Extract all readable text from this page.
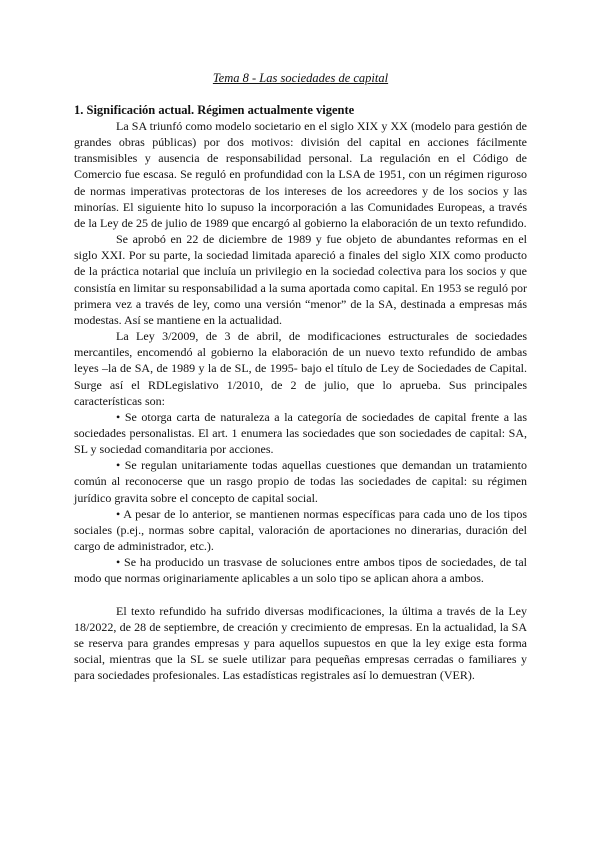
Tema 8 - Las sociedades de capital
1. Significación actual. Régimen actualmente vigente

La SA triunfó como modelo societario en el siglo XIX y XX (modelo para gestión de grandes obras públicas) por dos motivos: división del capital en acciones fácilmente transmisibles y ausencia de responsabilidad personal. La regulación en el Código de Comercio fue escasa. Se reguló en profundidad con la LSA de 1951, con un régimen riguroso de normas imperativas protectoras de los intereses de los acreedores y de los socios y las minorías. El siguiente hito lo supuso la incorporación a las Comunidades Europeas, a través de la Ley de 25 de julio de 1989 que encargó al gobierno la elaboración de un texto refundido.

Se aprobó en 22 de diciembre de 1989 y fue objeto de abundantes reformas en el siglo XXI. Por su parte, la sociedad limitada apareció a finales del siglo XIX como producto de la práctica notarial que incluía un privilegio en la sociedad colectiva para los socios y que consistía en limitar su responsabilidad a la suma aportada como capital. En 1953 se reguló por primera vez a través de ley, como una versión “menor” de la SA, destinada a empresas más modestas. Así se mantiene en la actualidad.

La Ley 3/2009, de 3 de abril, de modificaciones estructurales de sociedades mercantiles, encomendó al gobierno la elaboración de un nuevo texto refundido de ambas leyes –la de SA, de 1989 y la de SL, de 1995- bajo el título de Ley de Sociedades de Capital. Surge así el RDLegislativo 1/2010, de 2 de julio, que lo aprueba. Sus principales características son:

• Se otorga carta de naturaleza a la categoría de sociedades de capital frente a las sociedades personalistas. El art. 1 enumera las sociedades que son sociedades de capital: SA, SL y sociedad comanditaria por acciones.

• Se regulan unitariamente todas aquellas cuestiones que demandan un tratamiento común al reconocerse que un rasgo propio de todas las sociedades de capital: su régimen jurídico gravita sobre el concepto de capital social.

• A pesar de lo anterior, se mantienen normas específicas para cada uno de los tipos sociales (p.ej., normas sobre capital, valoración de aportaciones no dinerarias, duración del cargo de administrador, etc.).

• Se ha producido un trasvase de soluciones entre ambos tipos de sociedades, de tal modo que normas originariamente aplicables a un solo tipo se aplican ahora a ambos.

El texto refundido ha sufrido diversas modificaciones, la última a través de la Ley 18/2022, de 28 de septiembre, de creación y crecimiento de empresas. En la actualidad, la SA se reserva para grandes empresas y para aquellos supuestos en que la ley exige esta forma social, mientras que la SL se suele utilizar para pequeñas empresas cerradas o familiares y para sociedades profesionales. Las estadísticas registrales así lo demuestran (VER).
